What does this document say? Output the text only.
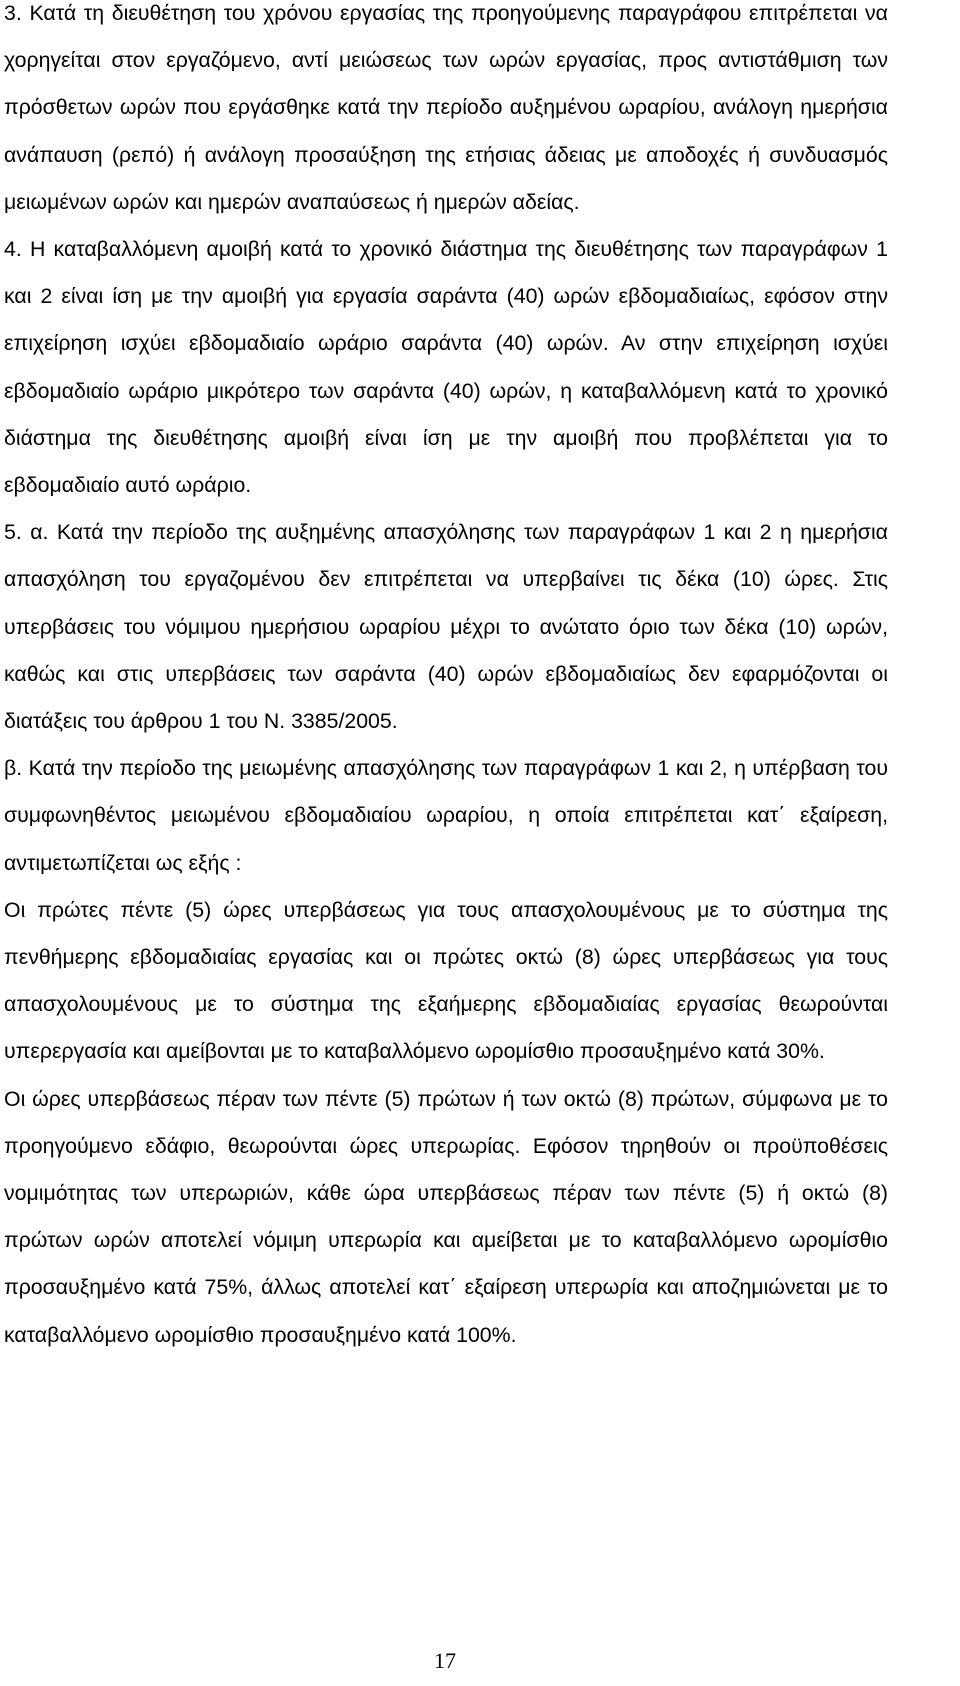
3. Κατά τη διευθέτηση του χρόνου εργασίας της προηγούμενης παραγράφου επιτρέπεται να χορηγείται στον εργαζόμενο, αντί μειώσεως των ωρών εργασίας, προς αντιστάθμιση των πρόσθετων ωρών που εργάσθηκε κατά την περίοδο αυξημένου ωραρίου, ανάλογη ημερήσια ανάπαυση (ρεπό) ή ανάλογη προσαύξηση της ετήσιας άδειας με αποδοχές ή συνδυασμός μειωμένων ωρών και ημερών αναπαύσεως ή ημερών αδείας.

4. Η καταβαλλόμενη αμοιβή κατά το χρονικό διάστημα της διευθέτησης των παραγράφων 1 και 2 είναι ίση με την αμοιβή για εργασία σαράντα (40) ωρών εβδομαδιαίως, εφόσον στην επιχείρηση ισχύει εβδομαδιαίο ωράριο σαράντα (40) ωρών. Αν στην επιχείρηση ισχύει εβδομαδιαίο ωράριο μικρότερο των σαράντα (40) ωρών, η καταβαλλόμενη κατά το χρονικό διάστημα της διευθέτησης αμοιβή είναι ίση με την αμοιβή που προβλέπεται για το εβδομαδιαίο αυτό ωράριο.

5. α. Κατά την περίοδο της αυξημένης απασχόλησης των παραγράφων 1 και 2 η ημερήσια απασχόληση του εργαζομένου δεν επιτρέπεται να υπερβαίνει τις δέκα (10) ώρες. Στις υπερβάσεις του νόμιμου ημερήσιου ωραρίου μέχρι το ανώτατο όριο των δέκα (10) ωρών, καθώς και στις υπερβάσεις των σαράντα (40) ωρών εβδομαδιαίως δεν εφαρμόζονται οι διατάξεις του άρθρου 1 του Ν. 3385/2005.

β. Κατά την περίοδο της μειωμένης απασχόλησης των παραγράφων 1 και 2, η υπέρβαση του συμφωνηθέντος μειωμένου εβδομαδιαίου ωραρίου, η οποία επιτρέπεται κατ΄ εξαίρεση, αντιμετωπίζεται ως εξής :

Οι πρώτες πέντε (5) ώρες υπερβάσεως για τους απασχολουμένους με το σύστημα της πενθήμερης εβδομαδιαίας εργασίας και οι πρώτες οκτώ (8) ώρες υπερβάσεως για τους απασχολουμένους με το σύστημα της εξαήμερης εβδομαδιαίας εργασίας θεωρούνται υπερεργασία και αμείβονται με το καταβαλλόμενο ωρομίσθιο προσαυξημένο κατά 30%.

Οι ώρες υπερβάσεως πέραν των πέντε (5) πρώτων ή των οκτώ (8) πρώτων, σύμφωνα με το προηγούμενο εδάφιο, θεωρούνται ώρες υπερωρίας. Εφόσον τηρηθούν οι προϋποθέσεις νομιμότητας των υπερωριών, κάθε ώρα υπερβάσεως πέραν των πέντε (5) ή οκτώ (8) πρώτων ωρών αποτελεί νόμιμη υπερωρία και αμείβεται με το καταβαλλόμενο ωρομίσθιο προσαυξημένο κατά 75%, άλλως αποτελεί κατ΄ εξαίρεση υπερωρία και αποζημιώνεται με το καταβαλλόμενο ωρομίσθιο προσαυξημένο κατά 100%.

17
